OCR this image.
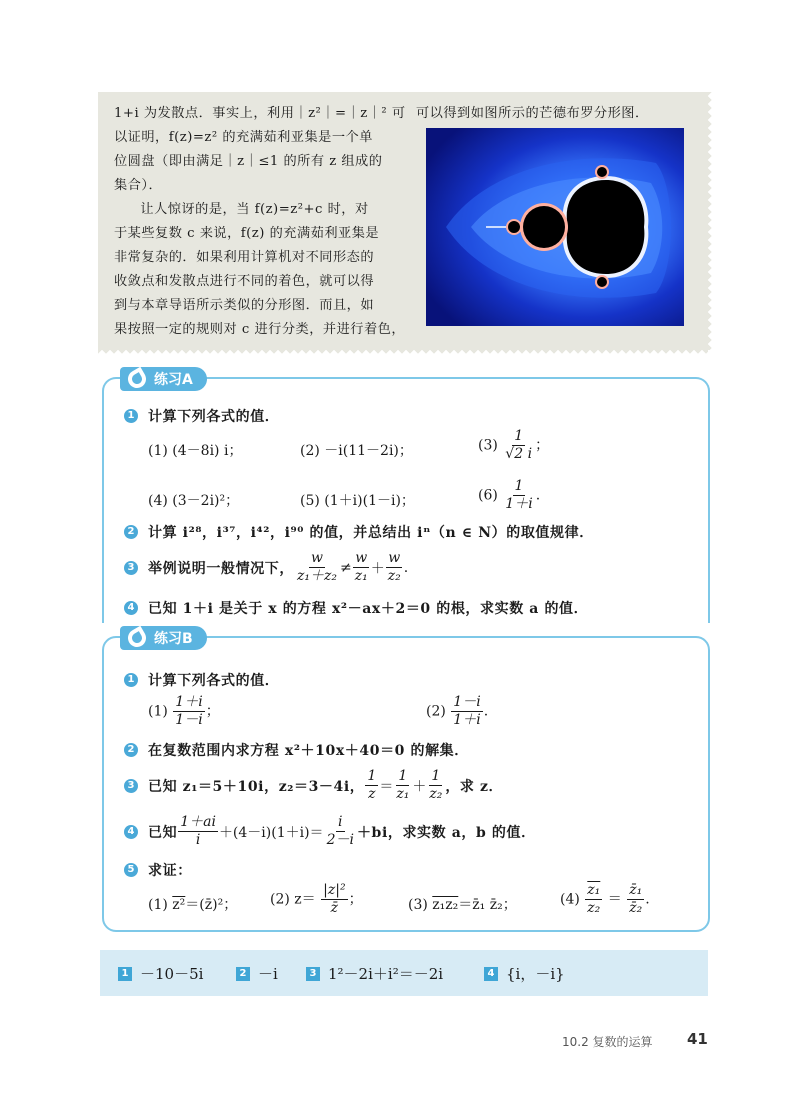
1+i 为发散点．事实上，利用｜z²｜=｜z｜² 可

以证明，f(z)=z² 的充满茹利亚集是一个单

位圆盘（即由满足｜z｜≤1 的所有 z 组成的

集合）．

让人惊讶的是，当 f(z)=z²+c 时，对

于某些复数 c 来说，f(z) 的充满茹利亚集是

非常复杂的．如果利用计算机对不同形态的

收敛点和发散点进行不同的着色，就可以得

到与本章导语所示类似的分形图．而且，如

果按照一定的规则对 c 进行分类，并进行着色，

可以得到如图所示的芒德布罗分形图．
练习A
1 计算下列各式的值．
(1) (4－8i) i；	(2) －i(11－2i)；	$(3) \frac{1}{√2 i}$ ；
(4) (3－2i)²；	(5) (1＋i)(1－i)；	$(6) \frac{1}{1+i}$ .
2 计算 i²⁸，i³⁷，i⁴²，i⁹⁰ 的值，并总结出 iⁿ（n ∈ N）的取值规律．
3 举例说明一般情况下， $\frac{w}{\text{z₁＋z₂}} \ne \frac{w}{\text{z₁}} + \frac{w}{\text{z₂}}$ .
4 已知 1＋i 是关于 x 的方程 x²－ax＋2＝0 的根，求实数 a 的值．
练习B
1 计算下列各式的值．
$(1) \frac{1+i}{1-i}$ ；	$(2) \frac{1-i}{1+i}$ .
2 在复数范围内求方程 x²＋10x＋40＝0 的解集．
3 已知 z₁＝5＋10i，z₂＝3－4i， $\frac{1}{z} = \frac{1}{\text{z₁}} + \frac{1}{\text{z₂}}$ ，求 z．
4 已知 $\frac{1+ai}{i} +(4-i)(1+i)= \frac{i}{2-i} +bi$，求实数 a，b 的值．
5 求证：
(1) z²＝(z̄)²； (2) $z= \frac{\text{|z|²}}{z̄}$ ；	(3) z₁z₂＝z̄₁ z̄₂；	$(4) \frac{\text{z₁}}{\text{z₂}} = \frac{\text{z̄₁}}{\text{z̄₂}}$ .
1 －10－5i	2 －i	3 1²－2i＋i²＝－2i	4 {i，－i}
10.2 复数的运算 41
